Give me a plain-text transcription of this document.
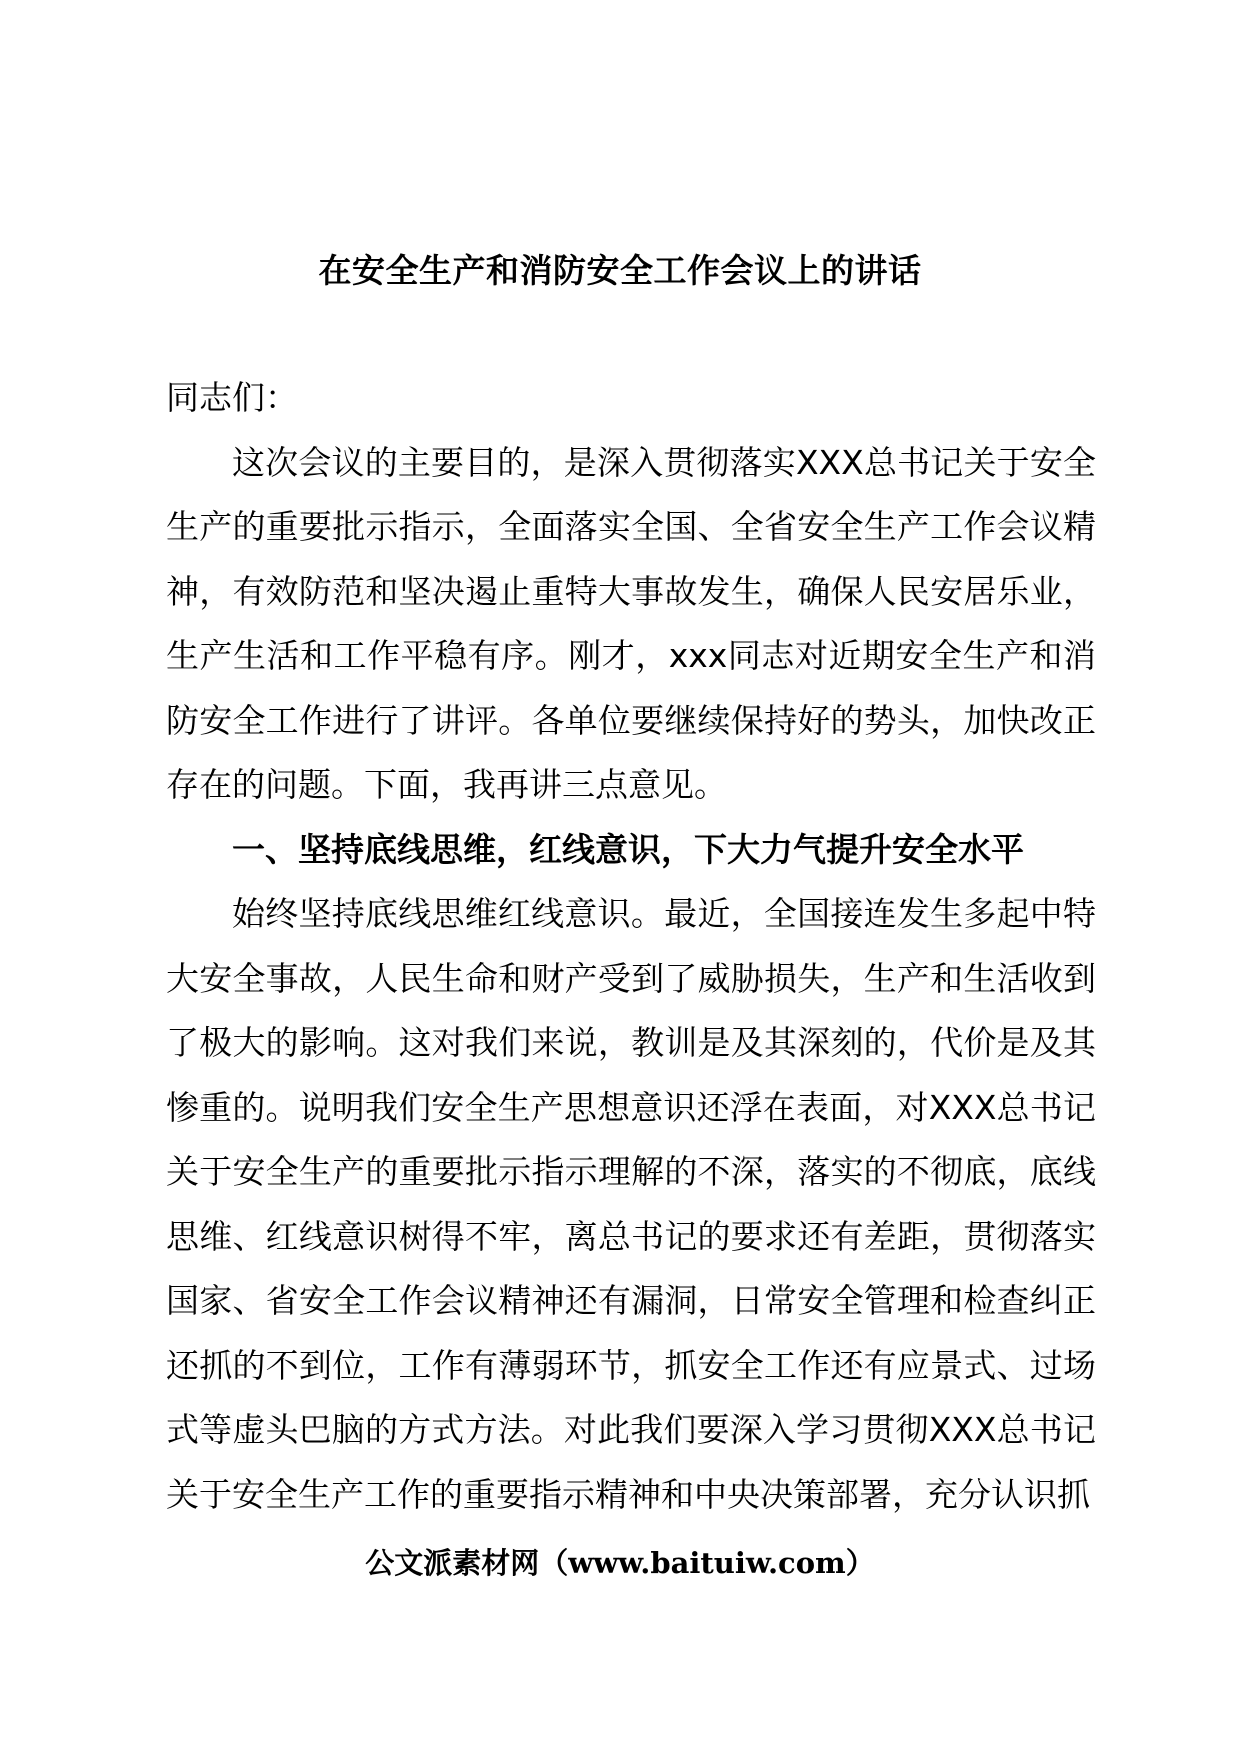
在安全生产和消防安全工作会议上的讲话

同志们：

这次会议的主要目的，是深入贯彻落实XXX总书记关于安全生产的重要批示指示，全面落实全国、全省安全生产工作会议精神，有效防范和坚决遏止重特大事故发生，确保人民安居乐业，生产生活和工作平稳有序。刚才，xxx同志对近期安全生产和消防安全工作进行了讲评。各单位要继续保持好的势头，加快改正存在的问题。下面，我再讲三点意见。

一、坚持底线思维，红线意识，下大力气提升安全水平

始终坚持底线思维红线意识。最近，全国接连发生多起中特大安全事故，人民生命和财产受到了威胁损失，生产和生活收到了极大的影响。这对我们来说，教训是及其深刻的，代价是及其惨重的。说明我们安全生产思想意识还浮在表面，对XXX总书记关于安全生产的重要批示指示理解的不深，落实的不彻底，底线思维、红线意识树得不牢，离总书记的要求还有差距，贯彻落实国家、省安全工作会议精神还有漏洞，日常安全管理和检查纠正还抓的不到位，工作有薄弱环节，抓安全工作还有应景式、过场式等虚头巴脑的方式方法。对此我们要深入学习贯彻XXX总书记关于安全生产工作的重要指示精神和中央决策部署，充分认识抓

公文派素材网（www.baituiw.com）
